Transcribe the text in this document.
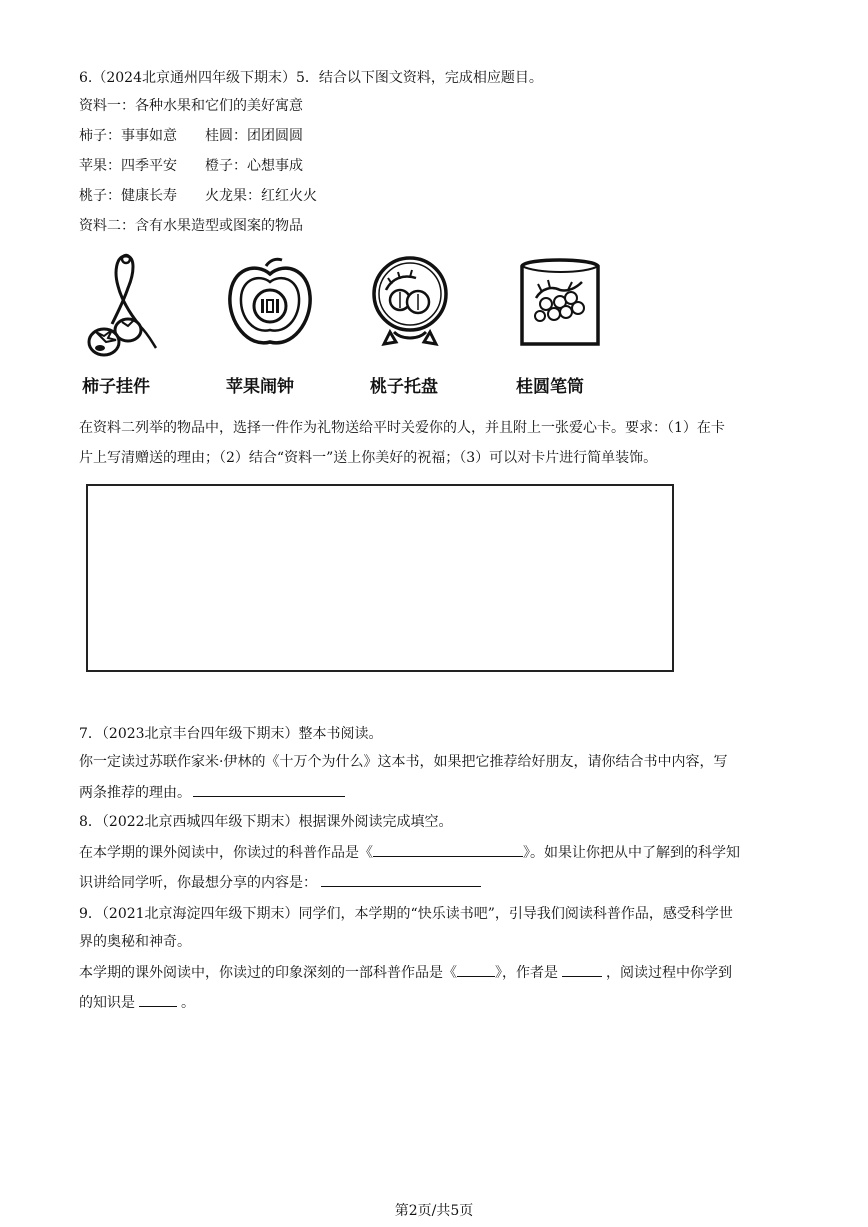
6.（2024北京通州四年级下期末）5．结合以下图文资料，完成相应题目。
资料一：各种水果和它们的美好寓意
柿子：事事如意 桂圆：团团圆圆
苹果：四季平安 橙子：心想事成
桃子：健康长寿 火龙果：红红火火
资料二：含有水果造型或图案的物品
柿子挂件	苹果闹钟	桃子托盘	桂圆笔筒
在资料二列举的物品中，选择一件作为礼物送给平时关爱你的人，并且附上一张爱心卡。要求：（1）在卡
片上写清赠送的理由；（2）结合“资料一”送上你美好的祝福；（3）可以对卡片进行简单装饰。
7．（2023北京丰台四年级下期末）整本书阅读。
你一定读过苏联作家米·伊林的《十万个为什么》这本书，如果把它推荐给好朋友，请你结合书中内容，写
两条推荐的理由。
8．（2022北京西城四年级下期末）根据课外阅读完成填空。
在本学期的课外阅读中，你读过的科普作品是《	》。如果让你把从中了解到的科学知
识讲给同学听，你最想分享的内容是：
9．（2021北京海淀四年级下期末）同学们，本学期的“快乐读书吧”，引导我们阅读科普作品，感受科学世
界的奥秘和神奇。
本学期的课外阅读中，你读过的印象深刻的一部科普作品是《	》，作者是	，阅读过程中你学到
的知识是	。
第2页/共5页
